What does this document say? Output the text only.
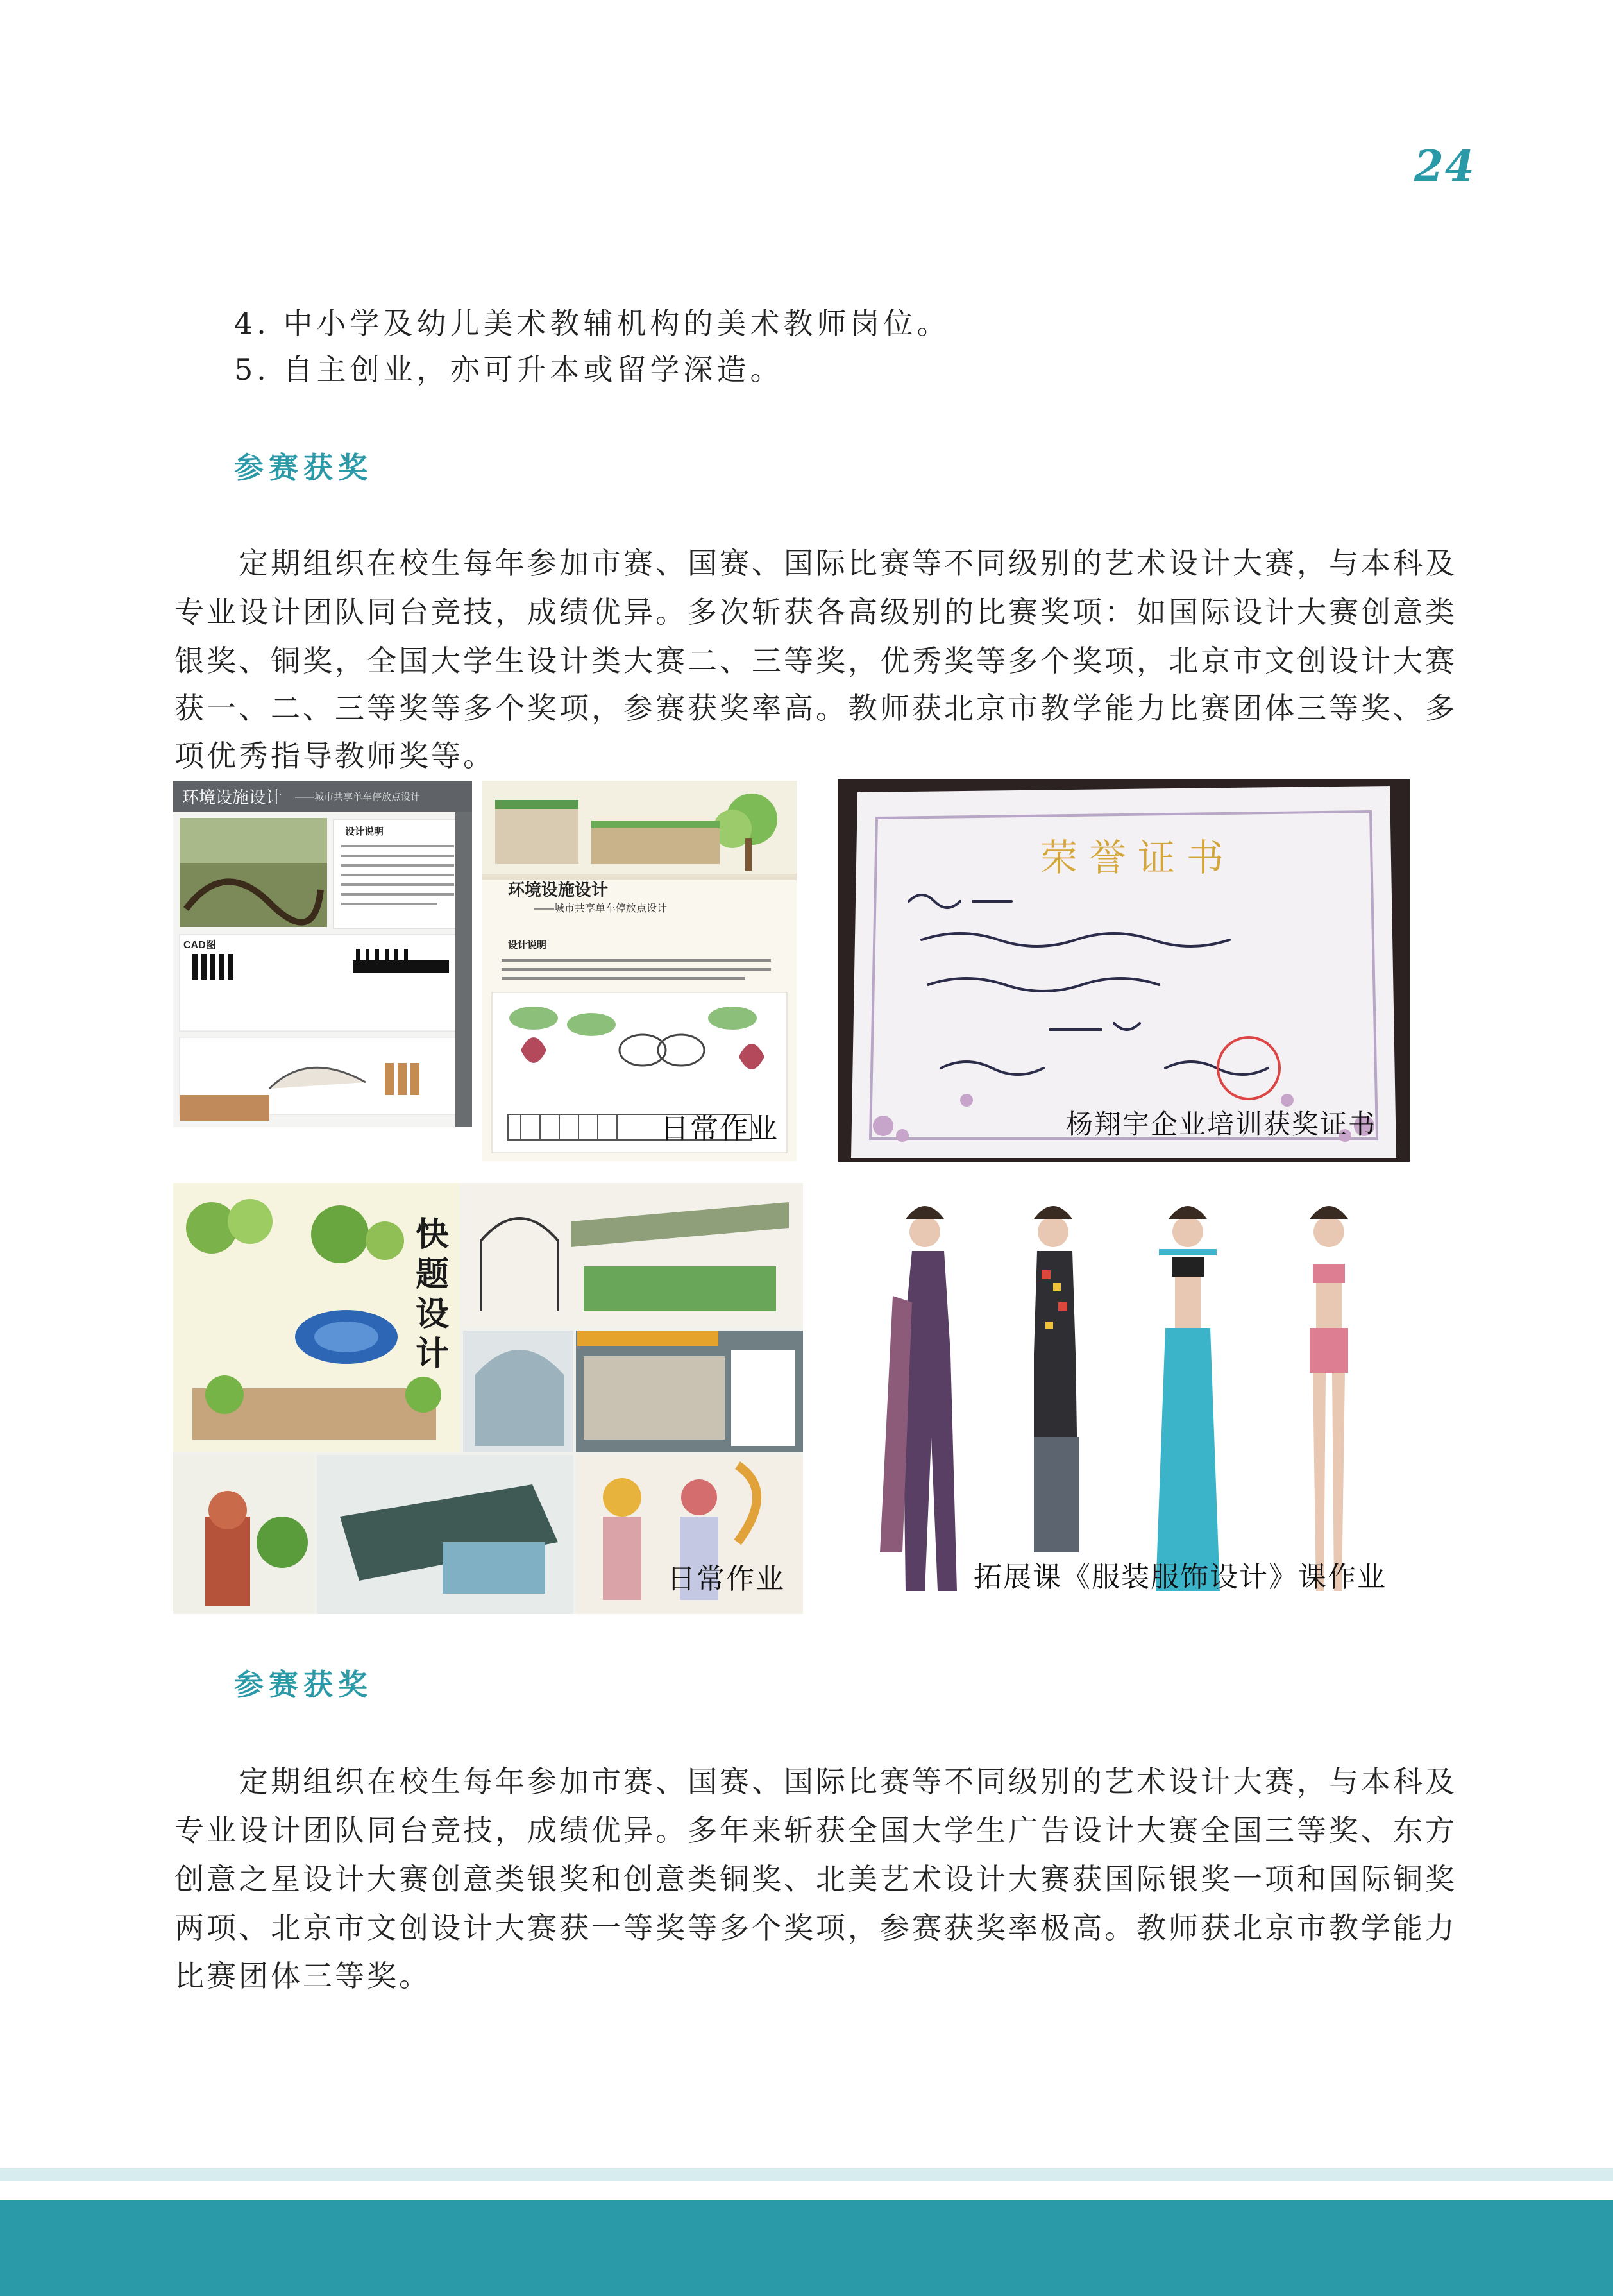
24
4. 中小学及幼儿美术教辅机构的美术教师岗位。
5. 自主创业，亦可升本或留学深造。
参赛获奖
定期组织在校生每年参加市赛、国赛、国际比赛等不同级别的艺术设计大赛，与本科及
专业设计团队同台竞技，成绩优异。多次斩获各高级别的比赛奖项：如国际设计大赛创意类
银奖、铜奖，全国大学生设计类大赛二、三等奖，优秀奖等多个奖项，北京市文创设计大赛
获一、二、三等奖等多个奖项，参赛获奖率高。教师获北京市教学能力比赛团体三等奖、多
项优秀指导教师奖等。
环境设施设计 ——城市共享单车停放点设计
设计说明
CAD图
环境设施设计
——城市共享单车停放点设计
设计说明
日常作业
荣誉证书
杨翔宇企业培训获奖证书
快题设计
日常作业	拓展课《服装服饰设计》课作业
参赛获奖
定期组织在校生每年参加市赛、国赛、国际比赛等不同级别的艺术设计大赛，与本科及
专业设计团队同台竞技，成绩优异。多年来斩获全国大学生广告设计大赛全国三等奖、东方
创意之星设计大赛创意类银奖和创意类铜奖、北美艺术设计大赛获国际银奖一项和国际铜奖
两项、北京市文创设计大赛获一等奖等多个奖项，参赛获奖率极高。教师获北京市教学能力
比赛团体三等奖。
